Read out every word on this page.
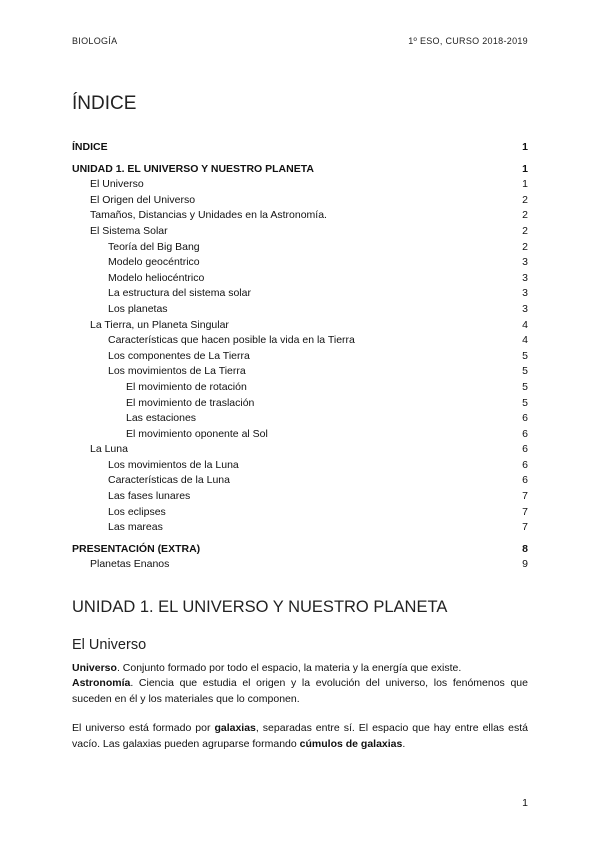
BIOLOGÍA	1º ESO, CURSO 2018-2019
ÍNDICE
ÍNDICE	1
UNIDAD 1. EL UNIVERSO Y NUESTRO PLANETA	1
El Universo	1
El Origen del Universo	2
Tamaños, Distancias y Unidades en la Astronomía.	2
El Sistema Solar	2
Teoría del Big Bang	2
Modelo geocéntrico	3
Modelo heliocéntrico	3
La estructura del sistema solar	3
Los planetas	3
La Tierra, un Planeta Singular	4
Características que hacen posible la vida en la Tierra	4
Los componentes de La Tierra	5
Los movimientos de La Tierra	5
El movimiento de rotación	5
El movimiento de traslación	5
Las estaciones	6
El movimiento oponente al Sol	6
La Luna	6
Los movimientos de la Luna	6
Características de la Luna	6
Las fases lunares	7
Los eclipses	7
Las mareas	7
PRESENTACIÓN (EXTRA)	8
Planetas Enanos	9
UNIDAD 1. EL UNIVERSO Y NUESTRO PLANETA
El Universo

Universo. Conjunto formado por todo el espacio, la materia y la energía que existe.

Astronomía. Ciencia que estudia el origen y la evolución del universo, los fenómenos que suceden en él y los materiales que lo componen.

El universo está formado por galaxias, separadas entre sí. El espacio que hay entre ellas está vacío. Las galaxias pueden agruparse formando cúmulos de galaxias.

1
